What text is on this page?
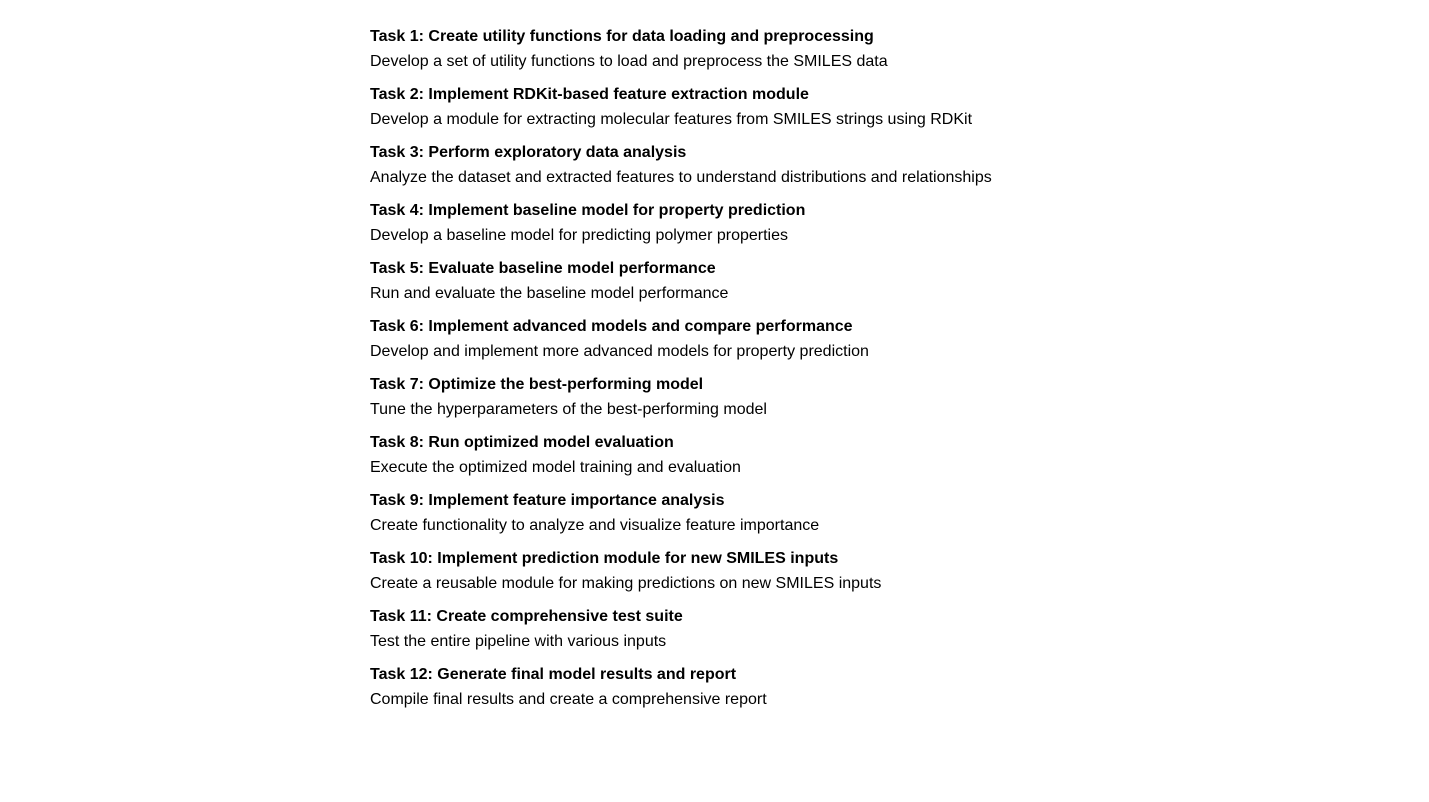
Task 1: Create utility functions for data loading and preprocessing
Develop a set of utility functions to load and preprocess the SMILES data
Task 2: Implement RDKit-based feature extraction module
Develop a module for extracting molecular features from SMILES strings using RDKit
Task 3: Perform exploratory data analysis
Analyze the dataset and extracted features to understand distributions and relationships
Task 4: Implement baseline model for property prediction
Develop a baseline model for predicting polymer properties
Task 5: Evaluate baseline model performance
Run and evaluate the baseline model performance
Task 6: Implement advanced models and compare performance
Develop and implement more advanced models for property prediction
Task 7: Optimize the best-performing model
Tune the hyperparameters of the best-performing model
Task 8: Run optimized model evaluation
Execute the optimized model training and evaluation
Task 9: Implement feature importance analysis
Create functionality to analyze and visualize feature importance
Task 10: Implement prediction module for new SMILES inputs
Create a reusable module for making predictions on new SMILES inputs
Task 11: Create comprehensive test suite
Test the entire pipeline with various inputs
Task 12: Generate final model results and report
Compile final results and create a comprehensive report
